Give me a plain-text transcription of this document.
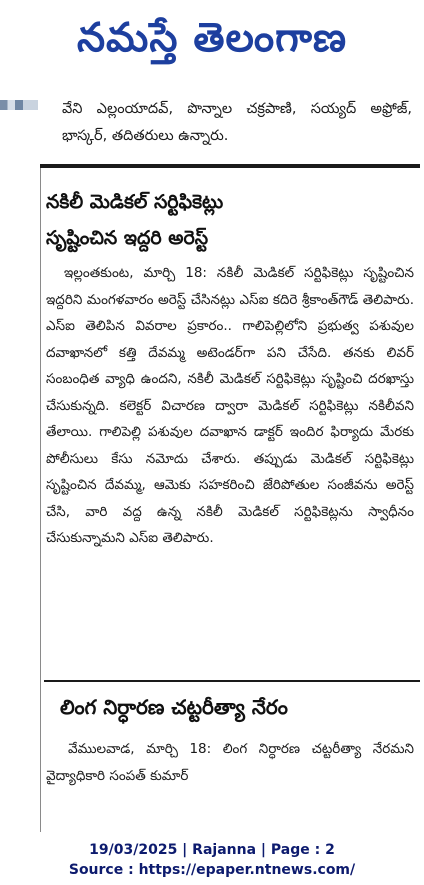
నమస్తే తెలంగాణ
వేని ఎల్లంయాదవ్‌, పొన్నాల చక్రపాణి, సయ్యద్‌ అఫ్రోజ్‌, భాస్కర్‌, తదితరులు ఉన్నారు.
నకిలీ మెడికల్‌ సర్టిఫికెట్లు
సృష్టించిన ఇద్దరి అరెస్ట్‌
ఇల్లంతకుంట, మార్చి 18: నకిలీ మెడికల్‌ సర్టిఫికెట్లు సృష్టించిన ఇద్దరిని మంగళవారం అరెస్ట్‌ చేసినట్లు ఎస్‌ఐ కదిరె శ్రీకాంత్‌గౌడ్‌ తెలిపారు. ఎస్‌ఐ తెలిపిన వివరాల ప్రకారం.. గాలిపెల్లిలోని ప్రభుత్వ పశువుల దవాఖానలో కత్తి దేవమ్మ అటెండర్‌గా పని చేసేది. తనకు లివర్‌ సంబంధిత వ్యాధి ఉందని, నకిలీ మెడికల్‌ సర్టిఫికెట్లు సృష్టించి దరఖాస్తు చేసుకున్నది. కలెక్టర్‌ విచారణ ద్వారా మెడికల్‌ సర్టిఫికెట్లు నకిలీవని తేలాయి. గాలిపెల్లి పశువుల దవాఖాన డాక్టర్‌ ఇందిర ఫిర్యాదు మేరకు పోలీసులు కేసు నమోదు చేశారు. తప్పుడు మెడికల్‌ సర్టిఫికెట్లు సృష్టించిన దేవమ్మ, ఆమెకు సహకరించి జేరిపోతుల సంజీవను అరెస్ట్‌ చేసి, వారి వద్ద ఉన్న నకిలీ మెడికల్‌ సర్టిఫికెట్లను స్వాధీనం చేసుకున్నామని ఎస్‌ఐ తెలిపారు.
లింగ నిర్ధారణ చట్టరీత్యా నేరం
వేములవాడ, మార్చి 18: లింగ నిర్ధారణ చట్టరీత్యా నేరమని వైద్యాధికారి సంపత్‌ కుమార్‌
19/03/2025 | Rajanna | Page : 2
Source : https://epaper.ntnews.com/
